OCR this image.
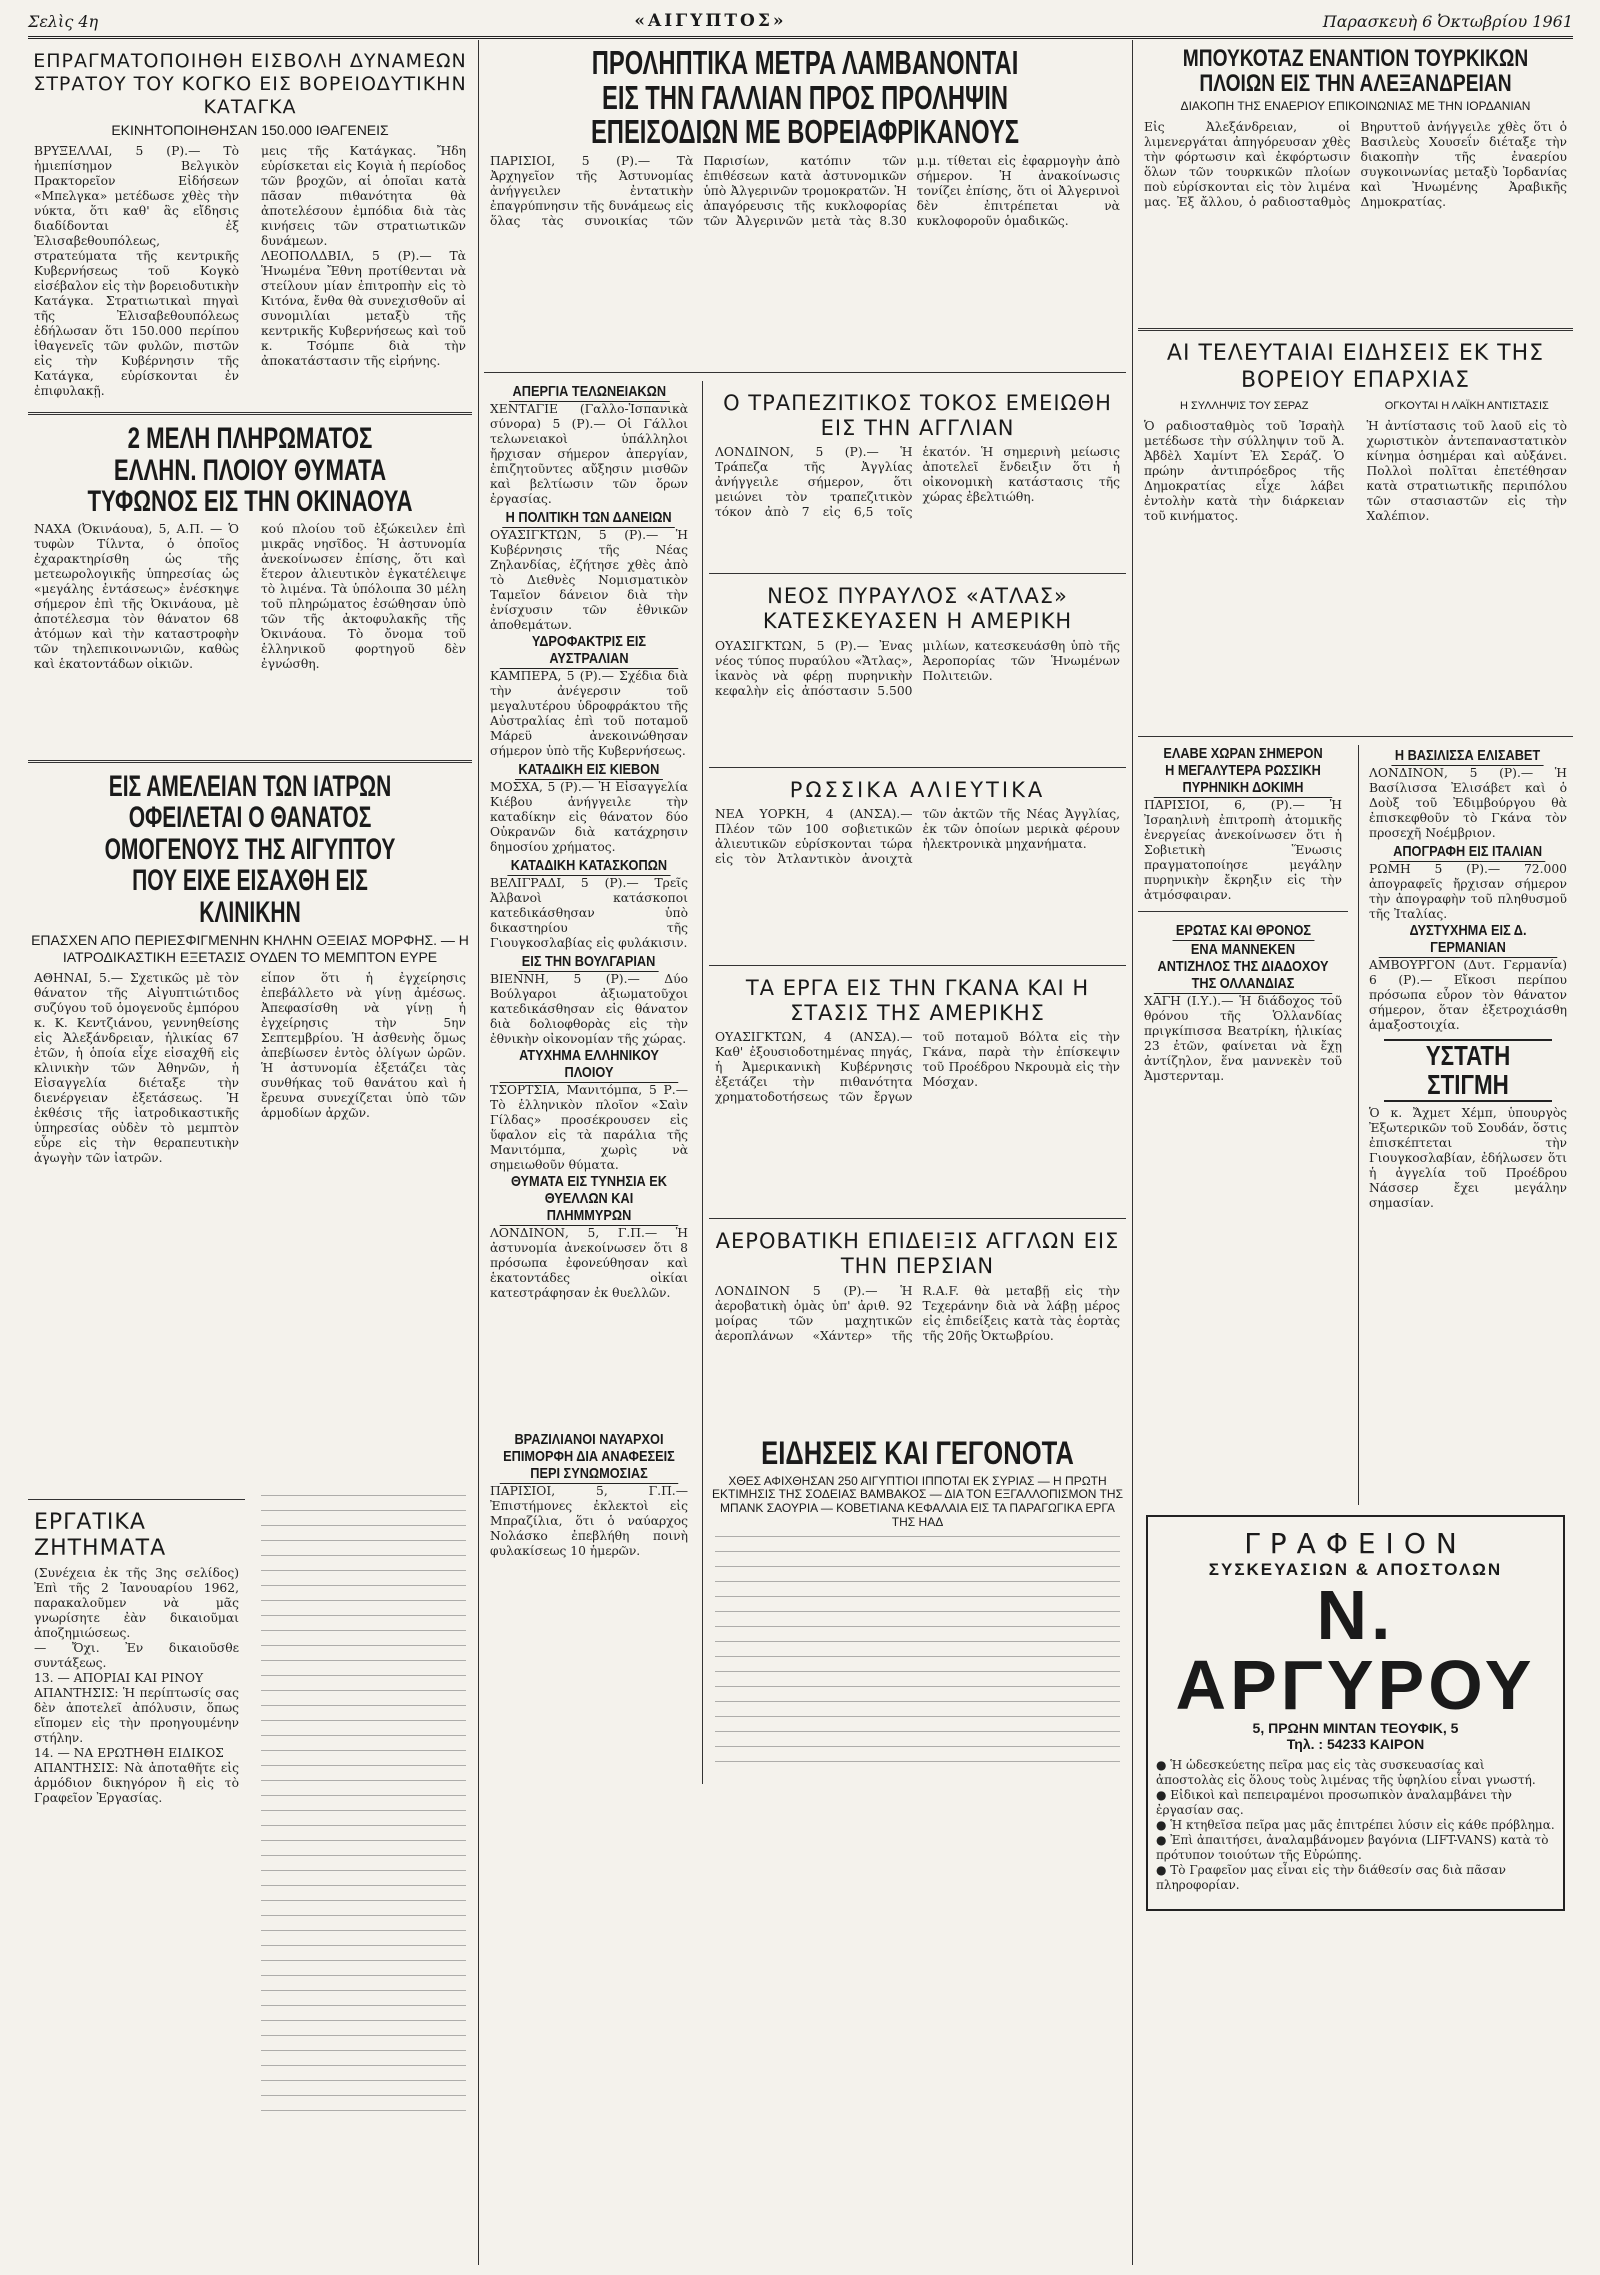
Σελὶς 4η	«ΑΙΓΥΠΤΟΣ»	Παρασκευὴ 6 Ὀκτωβρίου 1961
ΕΠΡΑΓΜΑΤΟΠΟΙΗΘΗ ΕΙΣΒΟΛΗ ΔΥΝΑΜΕΩΝ ΣΤΡΑΤΟΥ ΤΟΥ ΚΟΓΚΟ ΕΙΣ ΒΟΡΕΙΟΔΥΤΙΚΗΝ ΚΑΤΑΓΚΑ
ΕΚΙΝΗΤΟΠΟΙΗΘΗΣΑΝ 150.000 ΙΘΑΓΕΝΕΙΣ
ΒΡΥΞΕΛΛΑΙ, 5 (Ρ).— Τὸ ἡμιεπίσημον Βελγικὸν Πρακτορεῖον Εἰδήσεων «Μπελγκα» μετέδωσε χθὲς τὴν νύκτα, ὅτι καθ' ἃς εἴδησις διαδίδονται ἐξ Ἐλισαβεθουπόλεως, στρατεύματα τῆς κεντρικῆς Κυβερνήσεως τοῦ Κογκὸ εἰσέβαλον εἰς τὴν βορειοδυτικὴν Κατάγκα. Στρατιωτικαὶ πηγαὶ τῆς Ἐλισαβεθουπόλεως ἐδήλωσαν ὅτι 150.000 περίπου ἰθαγενεῖς τῶν φυλῶν, πιστῶν εἰς τὴν Κυβέρνησιν τῆς Κατάγκα, εὑρίσκονται ἐν ἐπιφυλακῇ.
μεις τῆς Κατάγκας. Ἤδη εὑρίσκεται εἰς Κογιὰ ἡ περίοδος τῶν βροχῶν, αἱ ὁποῖαι κατὰ πᾶσαν πιθανότητα θὰ ἀποτελέσουν ἐμπόδια διὰ τὰς κινήσεις τῶν στρατιωτικῶν δυνάμεων.
ΛΕΟΠΟΛΔΒΙΛ, 5 (Ρ).— Τὰ Ἡνωμένα Ἔθνη προτίθενται νὰ στείλουν μίαν ἐπιτροπὴν εἰς τὸ Κιτόνα, ἔνθα θὰ συνεχισθοῦν αἱ συνομιλίαι μεταξὺ τῆς κεντρικῆς Κυβερνήσεως καὶ τοῦ κ. Τσόμπε διὰ τὴν ἀποκατάστασιν τῆς εἰρήνης.
2 ΜΕΛΗ ΠΛΗΡΩΜΑΤΟΣ ΕΛΛΗΝ. ΠΛΟΙΟΥ ΘΥΜΑΤΑ ΤΥΦΩΝΟΣ ΕΙΣ ΤΗΝ ΟΚΙΝΑΟΥΑ
ΝΑΧΑ (Ὀκινάουα), 5, Α.Π. — Ὁ τυφὼν Τίλντα, ὁ ὁποῖος ἐχαρακτηρίσθη ὡς τῆς μετεωρολογικῆς ὑπηρεσίας ὡς «μεγάλης ἐντάσεως» ἐνέσκηψε σήμερον ἐπὶ τῆς Ὀκινάουα, μὲ ἀποτέλεσμα τὸν θάνατον 68 ἀτόμων καὶ τὴν καταστροφὴν τῶν τηλεπικοινωνιῶν, καθὼς καὶ ἑκατοντάδων οἰκιῶν.
κού πλοίου τοῦ ἐξώκειλεν ἐπὶ μικρᾶς νησῖδος. Ἡ ἀστυνομία ἀνεκοίνωσεν ἐπίσης, ὅτι καὶ ἕτερον ἀλιευτικὸν ἐγκατέλειψε τὸ λιμένα. Τὰ ὑπόλοιπα 30 μέλη τοῦ πληρώματος ἐσώθησαν ὑπὸ τῶν τῆς ἀκτοφυλακῆς τῆς Ὀκινάουα. Τὸ ὄνομα τοῦ ἑλληνικοῦ φορτηγοῦ δὲν ἐγνώσθη.
ΕΙΣ ΑΜΕΛΕΙΑΝ ΤΩΝ ΙΑΤΡΩΝ ΟΦΕΙΛΕΤΑΙ Ο ΘΑΝΑΤΟΣ ΟΜΟΓΕΝΟΥΣ ΤΗΣ ΑΙΓΥΠΤΟΥ ΠΟΥ ΕΙΧΕ ΕΙΣΑΧΘΗ ΕΙΣ ΚΛΙΝΙΚΗΝ
ΕΠΑΣΧΕΝ ΑΠΟ ΠΕΡΙΕΣΦΙΓΜΕΝΗΝ ΚΗΛΗΝ ΟΞΕΙΑΣ ΜΟΡΦΗΣ. — Η ΙΑΤΡΟΔΙΚΑΣΤΙΚΗ ΕΞΕΤΑΣΙΣ ΟΥΔΕΝ ΤΟ ΜΕΜΠΤΟΝ ΕΥΡΕ
ΑΘΗΝΑΙ, 5.— Σχετικῶς μὲ τὸν θάνατον τῆς Αἰγυπτιώτιδος συζύγου τοῦ ὁμογενοῦς ἐμπόρου κ. Κ. Κεντζιάνου, γεννηθείσης εἰς Ἀλεξάνδρειαν, ἡλικίας 67 ἐτῶν, ἡ ὁποία εἶχε εἰσαχθῆ εἰς κλινικὴν τῶν Ἀθηνῶν, ἡ Εἰσαγγελία διέταξε τὴν διενέργειαν ἐξετάσεως. Ἡ ἐκθέσις τῆς ἰατροδικαστικῆς ὑπηρεσίας οὐδὲν τὸ μεμπτὸν εὗρε εἰς τὴν θεραπευτικὴν ἀγωγὴν τῶν ἰατρῶν.
εἶπον ὅτι ἡ ἐγχείρησις ἐπεβάλλετο νὰ γίνῃ ἀμέσως. Ἀπεφασίσθη νὰ γίνῃ ἡ ἐγχείρησις τὴν 5ην Σεπτεμβρίου. Ἡ ἀσθενὴς ὅμως ἀπεβίωσεν ἐντὸς ὀλίγων ὡρῶν. Ἡ ἀστυνομία ἐξετάζει τὰς συνθήκας τοῦ θανάτου καὶ ἡ ἔρευνα συνεχίζεται ὑπὸ τῶν ἁρμοδίων ἀρχῶν.
ΕΡΓΑΤΙΚΑ ΖΗΤΗΜΑΤΑ
(Συνέχεια ἐκ τῆς 3ης σελίδος) Ἐπὶ τῆς 2 Ἰανουαρίου 1962, παρακαλοῦμεν νὰ μᾶς γνωρίσητε ἐὰν δικαιοῦμαι ἀποζημιώσεως.
— Ὄχι. Ἐν δικαιοῦσθε συντάξεως.
13. — ΑΠΟΡΙΑΙ ΚΑΙ ΡΙΝΟΥ
ΑΠΑΝΤΗΣΙΣ: Ἡ περίπτωσίς σας δὲν ἀποτελεῖ ἀπόλυσιν, ὅπως εἴπομεν εἰς τὴν προηγουμένην στήλην.
14. — ΝΑ ΕΡΩΤΗΘΗ ΕΙΔΙΚΟΣ
ΑΠΑΝΤΗΣΙΣ: Νὰ ἀποταθῆτε εἰς ἁρμόδιον δικηγόρον ἢ εἰς τὸ Γραφεῖον Ἐργασίας.
ΠΡΟΛΗΠΤΙΚΑ ΜΕΤΡΑ ΛΑΜΒΑΝΟΝΤΑΙ ΕΙΣ ΤΗΝ ΓΑΛΛΙΑΝ ΠΡΟΣ ΠΡΟΛΗΨΙΝ ΕΠΕΙΣΟΔΙΩΝ ΜΕ ΒΟΡΕΙΑΦΡΙΚΑΝΟΥΣ
ΠΑΡΙΣΙΟΙ, 5 (Ρ).— Τὰ Ἀρχηγεῖον τῆς Ἀστυνομίας ἀνήγγειλεν ἐντατικὴν ἐπαγρύπνησιν τῆς δυνάμεως εἰς ὅλας τὰς συνοικίας τῶν Παρισίων, κατόπιν τῶν ἐπιθέσεων κατὰ ἀστυνομικῶν ὑπὸ Ἀλγερινῶν τρομοκρατῶν. Ἡ ἀπαγόρευσις τῆς κυκλοφορίας τῶν Ἀλγερινῶν μετὰ τὰς 8.30 μ.μ. τίθεται εἰς ἐφαρμογὴν ἀπὸ σήμερον. Ἡ ἀνακοίνωσις τονίζει ἐπίσης, ὅτι οἱ Ἀλγερινοὶ δὲν ἐπιτρέπεται νὰ κυκλοφοροῦν ὁμαδικῶς.
ΑΠΕΡΓΙΑ ΤΕΛΩΝΕΙΑΚΩΝ
ΧΕΝΤΑΓΙΕ (Γαλλο-Ἱσπανικὰ σύνορα) 5 (Ρ).— Οἱ Γάλλοι τελωνειακοὶ ὑπάλληλοι ἤρχισαν σήμερον ἀπεργίαν, ἐπιζητοῦντες αὔξησιν μισθῶν καὶ βελτίωσιν τῶν ὅρων ἐργασίας.
Η ΠΟΛΙΤΙΚΗ ΤΩΝ ΔΑΝΕΙΩΝ
ΟΥΑΣΙΓΚΤΩΝ, 5 (Ρ).— Ἡ Κυβέρνησις τῆς Νέας Ζηλανδίας, ἐζήτησε χθὲς ἀπὸ τὸ Διεθνὲς Νομισματικὸν Ταμεῖον δάνειον διὰ τὴν ἐνίσχυσιν τῶν ἐθνικῶν ἀποθεμάτων.
ΥΔΡΟΦΑΚΤΡΙΣ ΕΙΣ ΑΥΣΤΡΑΛΙΑΝ
ΚΑΜΠΕΡΑ, 5 (Ρ).— Σχέδια διὰ τὴν ἀνέγερσιν τοῦ μεγαλυτέρου ὑδροφράκτου τῆς Αὐστραλίας ἐπὶ τοῦ ποταμοῦ Μάρεϋ ἀνεκοινώθησαν σήμερον ὑπὸ τῆς Κυβερνήσεως.
ΚΑΤΑΔΙΚΗ ΕΙΣ ΚΙΕΒΟΝ
ΜΟΣΧΑ, 5 (Ρ).— Ἡ Εἰσαγγελία Κιέβου ἀνήγγειλε τὴν καταδίκην εἰς θάνατον δύο Οὐκρανῶν διὰ κατάχρησιν δημοσίου χρήματος.
ΚΑΤΑΔΙΚΗ ΚΑΤΑΣΚΟΠΩΝ
ΒΕΛΙΓΡΑΔΙ, 5 (Ρ).— Τρεῖς Ἀλβανοὶ κατάσκοποι κατεδικάσθησαν ὑπὸ δικαστηρίου τῆς Γιουγκοσλαβίας εἰς φυλάκισιν.
ΕΙΣ ΤΗΝ ΒΟΥΛΓΑΡΙΑΝ
ΒΙΕΝΝΗ, 5 (Ρ).— Δύο Βούλγαροι ἀξιωματοῦχοι κατεδικάσθησαν εἰς θάνατον διὰ δολιοφθορὰς εἰς τὴν ἐθνικὴν οἰκονομίαν τῆς χώρας.
ΑΤΥΧΗΜΑ ΕΛΛΗΝΙΚΟΥ ΠΛΟΙΟΥ
ΤΣΟΡΤΣΙΑ, Μανιτόμπα, 5 Ρ.— Τὸ ἑλληνικὸν πλοῖον «Σαὶν Γίλδας» προσέκρουσεν εἰς ὕφαλον εἰς τὰ παράλια τῆς Μανιτόμπα, χωρὶς νὰ σημειωθοῦν θύματα.
ΘΥΜΑΤΑ ΕΙΣ ΤΥΝΗΣΙΑ ΕΚ ΘΥΕΛΛΩΝ ΚΑΙ ΠΛΗΜΜΥΡΩΝ
ΛΟΝΔΙΝΟΝ, 5, Γ.Π.— Ἡ ἀστυνομία ἀνεκοίνωσεν ὅτι 8 πρόσωπα ἐφονεύθησαν καὶ ἑκατοντάδες οἰκίαι κατεστράφησαν ἐκ θυελλῶν.
Ο ΤΡΑΠΕΖΙΤΙΚΟΣ ΤΟΚΟΣ ΕΜΕΙΩΘΗ ΕΙΣ ΤΗΝ ΑΓΓΛΙΑΝ
ΛΟΝΔΙΝΟΝ, 5 (Ρ).— Ἡ Τράπεζα τῆς Ἀγγλίας ἀνήγγειλε σήμερον, ὅτι μειώνει τὸν τραπεζιτικὸν τόκον ἀπὸ 7 εἰς 6,5 τοῖς ἑκατόν. Ἡ σημερινὴ μείωσις ἀποτελεῖ ἔνδειξιν ὅτι ἡ οἰκονομικὴ κατάστασις τῆς χώρας ἐβελτιώθη.
ΝΕΟΣ ΠΥΡΑΥΛΟΣ «ΑΤΛΑΣ» ΚΑΤΕΣΚΕΥΑΣΕΝ Η ΑΜΕΡΙΚΗ
ΟΥΑΣΙΓΚΤΩΝ, 5 (Ρ).— Ἐνας νέος τύπος πυραύλου «Ἄτλας», ἱκανὸς νὰ φέρῃ πυρηνικὴν κεφαλὴν εἰς ἀπόστασιν 5.500 μιλίων, κατεσκευάσθη ὑπὸ τῆς Ἀεροπορίας τῶν Ἡνωμένων Πολιτειῶν.
ΡΩΣΣΙΚΑ ΑΛΙΕΥΤΙΚΑ
ΝΕΑ ΥΟΡΚΗ, 4 (ΑΝΣΑ).— Πλέον τῶν 100 σοβιετικῶν ἀλιευτικῶν εὑρίσκονται τώρα εἰς τὸν Ἀτλαντικὸν ἀνοιχτὰ τῶν ἀκτῶν τῆς Νέας Ἀγγλίας, ἐκ τῶν ὁποίων μερικὰ φέρουν ἠλεκτρονικὰ μηχανήματα.
ΤΑ ΕΡΓΑ ΕΙΣ ΤΗΝ ΓΚΑΝΑ ΚΑΙ Η ΣΤΑΣΙΣ ΤΗΣ ΑΜΕΡΙΚΗΣ
ΟΥΑΣΙΓΚΤΩΝ, 4 (ΑΝΣΑ).— Καθ' ἐξουσιοδοτημένας πηγάς, ἡ Ἀμερικανικὴ Κυβέρνησις ἐξετάζει τὴν πιθανότητα χρηματοδοτήσεως τῶν ἔργων τοῦ ποταμοῦ Βόλτα εἰς τὴν Γκάνα, παρὰ τὴν ἐπίσκεψιν τοῦ Προέδρου Νκρουμὰ εἰς τὴν Μόσχαν.
ΑΕΡΟΒΑΤΙΚΗ ΕΠΙΔΕΙΞΙΣ ΑΓΓΛΩΝ ΕΙΣ ΤΗΝ ΠΕΡΣΙΑΝ
ΛΟΝΔΙΝΟΝ 5 (Ρ).— Ἡ ἀεροβατικὴ ὁμὰς ὑπ' ἀριθ. 92 μοίρας τῶν μαχητικῶν ἀεροπλάνων «Χάντερ» τῆς R.A.F. θὰ μεταβῇ εἰς τὴν Τεχεράνην διὰ νὰ λάβῃ μέρος εἰς ἐπιδείξεις κατὰ τὰς ἑορτὰς τῆς 20ῆς Ὀκτωβρίου.
ΒΡΑΖΙΛΙΑΝΟΙ ΝΑΥΑΡΧΟΙ ΕΠΙΜΟΡΦΗ ΔΙΑ ΑΝΑΦΕΣΕΙΣ ΠΕΡΙ ΣΥΝΩΜΟΣΙΑΣ
ΠΑΡΙΣΙΟΙ, 5, Γ.Π.— Ἐπιστήμονες ἐκλεκτοὶ εἰς Μπραζίλια, ὅτι ὁ ναύαρχος Νολάσκο ἐπεβλήθη ποινὴ φυλακίσεως 10 ἡμερῶν.
ΕΙΔΗΣΕΙΣ ΚΑΙ ΓΕΓΟΝΟΤΑ
ΧΘΕΣ ΑΦΙΧΘΗΣΑΝ 250 ΑΙΓΥΠΤΙΟΙ ΙΠΠΟΤΑΙ ΕΚ ΣΥΡΙΑΣ — Η ΠΡΩΤΗ ΕΚΤΙΜΗΣΙΣ ΤΗΣ ΣΟΔΕΙΑΣ ΒΑΜΒΑΚΟΣ — ΔΙΑ ΤΟΝ ΕΞΓΑΛΛΟΠΙΣΜΟΝ ΤΗΣ ΜΠΑΝΚ ΣΑΟΥΡΙΑ — ΚΟΒΕΤΙΑΝΑ ΚΕΦΑΛΑΙΑ ΕΙΣ ΤΑ ΠΑΡΑΓΩΓΙΚΑ ΕΡΓΑ ΤΗΣ ΗΑΔ
ΜΠΟΥΚΟΤΑΖ ΕΝΑΝΤΙΟΝ ΤΟΥΡΚΙΚΩΝ ΠΛΟΙΩΝ ΕΙΣ ΤΗΝ ΑΛΕΞΑΝΔΡΕΙΑΝ
ΔΙΑΚΟΠΗ ΤΗΣ ΕΝΑΕΡΙΟΥ ΕΠΙΚΟΙΝΩΝΙΑΣ ΜΕ ΤΗΝ ΙΟΡΔΑΝΙΑΝ
Εἰς Ἀλεξάνδρειαν, οἱ λιμενεργάται ἀπηγόρευσαν χθὲς τὴν φόρτωσιν καὶ ἐκφόρτωσιν ὅλων τῶν τουρκικῶν πλοίων ποὺ εὑρίσκονται εἰς τὸν λιμένα μας. Ἐξ ἄλλου, ὁ ραδιοσταθμὸς Βηρυττοῦ ἀνήγγειλε χθὲς ὅτι ὁ Βασιλεὺς Χουσεΐν διέταξε τὴν διακοπὴν τῆς ἐναερίου συγκοινωνίας μεταξὺ Ἰορδανίας καὶ Ἠνωμένης Ἀραβικῆς Δημοκρατίας.
ΑΙ ΤΕΛΕΥΤΑΙΑΙ ΕΙΔΗΣΕΙΣ ΕΚ ΤΗΣ ΒΟΡΕΙΟΥ ΕΠΑΡΧΙΑΣ
Η ΣΥΛΛΗΨΙΣ ΤΟΥ ΣΕΡΑΖ
Ὁ ραδιοσταθμὸς τοῦ Ἰσραὴλ μετέδωσε τὴν σύλληψιν τοῦ Ἀ. Ἀβδὲλ Χαμίντ Ἐλ Σεράζ. Ὁ πρώην ἀντιπρόεδρος τῆς Δημοκρατίας εἶχε λάβει ἐντολὴν κατὰ τὴν διάρκειαν τοῦ κινήματος.
ΟΓΚΟΥΤΑΙ Η ΛΑΪΚΗ ΑΝΤΙΣΤΑΣΙΣ
Ἡ ἀντίστασις τοῦ λαοῦ εἰς τὸ χωριστικὸν ἀντεπαναστατικὸν κίνημα ὁσημέραι καὶ αὐξάνει. Πολλοὶ πολῖται ἐπετέθησαν κατὰ στρατιωτικῆς περιπόλου τῶν στασιαστῶν εἰς τὴν Χαλέπιον.
ΕΛΑΒΕ ΧΩΡΑΝ ΣΗΜΕΡΟΝ Η ΜΕΓΑΛΥΤΕΡΑ ΡΩΣΣΙΚΗ ΠΥΡΗΝΙΚΗ ΔΟΚΙΜΗ
ΠΑΡΙΣΙΟΙ, 6, (Ρ).— Ἡ Ἰσραηλινὴ ἐπιτροπὴ ἀτομικῆς ἐνεργείας ἀνεκοίνωσεν ὅτι ἡ Σοβιετικὴ Ἕνωσις πραγματοποίησε μεγάλην πυρηνικὴν ἔκρηξιν εἰς τὴν ἀτμόσφαιραν.
ΕΡΩΤΑΣ ΚΑΙ ΘΡΟΝΟΣ
ΕΝΑ ΜΑΝΝΕΚΕΝ ΑΝΤΙΖΗΛΟΣ ΤΗΣ ΔΙΑΔΟΧΟΥ ΤΗΣ ΟΛΛΑΝΔΙΑΣ
ΧΑΓΗ (Ι.Υ.).— Ἡ διάδοχος τοῦ θρόνου τῆς Ὁλλανδίας πριγκίπισσα Βεατρίκη, ἡλικίας 23 ἐτῶν, φαίνεται νὰ ἔχῃ ἀντίζηλον, ἕνα μαννεκὲν τοῦ Ἀμστερνταμ.
Η ΒΑΣΙΛΙΣΣΑ ΕΛΙΣΑΒΕΤ
ΛΟΝΔΙΝΟΝ, 5 (Ρ).— Ἡ Βασίλισσα Ἐλισάβετ καὶ ὁ Δοὺξ τοῦ Ἐδιμβούργου θὰ ἐπισκεφθοῦν τὸ Γκάνα τὸν προσεχῆ Νοέμβριον.
ΑΠΟΓΡΑΦΗ ΕΙΣ ΙΤΑΛΙΑΝ
ΡΩΜΗ 5 (Ρ).— 72.000 ἀπογραφεῖς ἤρχισαν σήμερον τὴν ἀπογραφὴν τοῦ πληθυσμοῦ τῆς Ἰταλίας.
ΔΥΣΤΥΧΗΜΑ ΕΙΣ Δ. ΓΕΡΜΑΝΙΑΝ
ΑΜΒΟΥΡΓΟΝ (Δυτ. Γερμανία) 6 (Ρ).— Εἴκοσι περίπου πρόσωπα εὗρον τὸν θάνατον σήμερον, ὅταν ἐξετροχιάσθη ἁμαξοστοιχία.
ΥΣΤΑΤΗ ΣΤΙΓΜΗ
Ὁ κ. Ἄχμετ Χέμπ, ὑπουργὸς Ἐξωτερικῶν τοῦ Σουδάν, ὅστις ἐπισκέπτεται τὴν Γιουγκοσλαβίαν, ἐδήλωσεν ὅτι ἡ ἀγγελία τοῦ Προέδρου Νάσσερ ἔχει μεγάλην σημασίαν.
ΓΡΑΦΕΙΟΝ
ΣΥΣΚΕΥΑΣΙΩΝ & ΑΠΟΣΤΟΛΩΝ
Ν. ΑΡΓΥΡΟΥ
5, ΠΡΩΗΝ ΜΙΝΤΑΝ ΤΕΟΥΦΙΚ, 5
Τηλ. : 54233 ΚΑΙΡΟΝ
● Ἡ ὡδεσκεύετης πεῖρα μας εἰς τὰς συσκευασίας καὶ ἀποστολὰς εἰς ὅλους τοὺς λιμένας τῆς ὑφηλίου εἶναι γνωστή.
● Εἰδικοὶ καὶ πεπειραμένοι προσωπικὸν ἀναλαμβάνει τὴν ἐργασίαν σας.
● Ἡ κτηθεῖσα πεῖρα μας μᾶς ἐπιτρέπει λύσιν εἰς κάθε πρόβλημα.
● Ἐπὶ ἀπαιτήσει, ἀναλαμβάνομεν βαγόνια (LIFT-VANS) κατὰ τὸ πρότυπον τοιούτων τῆς Εὐρώπης.
● Τὸ Γραφεῖον μας εἶναι εἰς τὴν διάθεσίν σας διὰ πᾶσαν πληροφορίαν.
